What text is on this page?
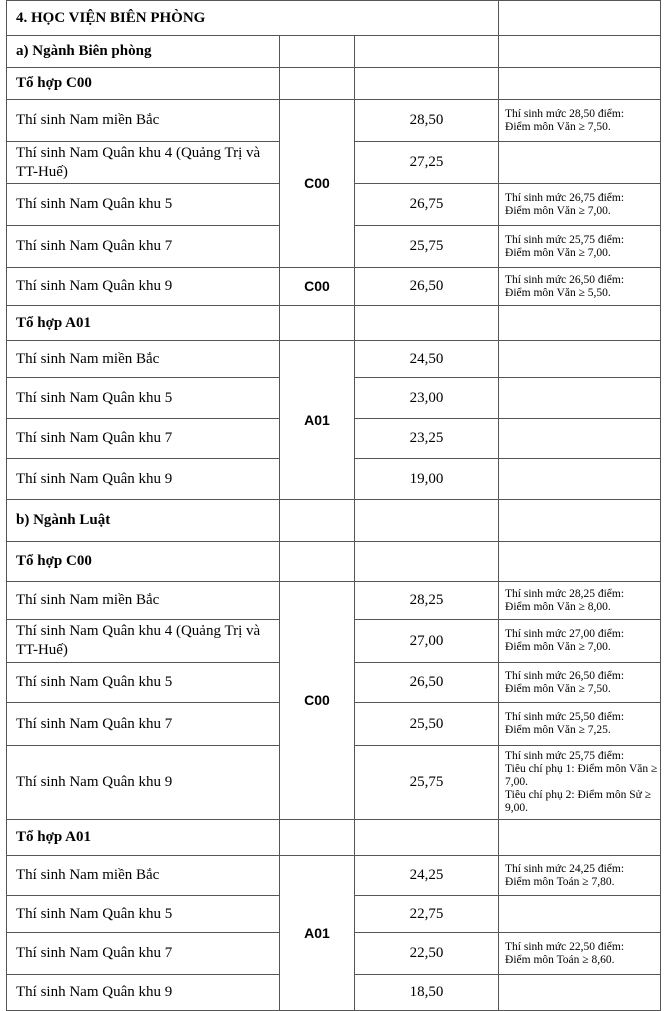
4. HỌC VIỆN BIÊN PHÒNG			
a) Ngành Biên phòng			
Tổ hợp C00			
Thí sinh Nam miền Bắc	C00	28,50	Thí sinh mức 28,50 điểm:
Điểm môn Văn ≥ 7,50.

Thí sinh Nam Quân khu 4 (Quảng Trị và TT-Huế)		27,25	
Thí sinh Nam Quân khu 5		26,75	Thí sinh mức 26,75 điểm:
Điểm môn Văn ≥ 7,00.

Thí sinh Nam Quân khu 7		25,75	Thí sinh mức 25,75 điểm:
Điểm môn Văn ≥ 7,00.

Thí sinh Nam Quân khu 9	C00	26,50	Thí sinh mức 26,50 điểm:
Điểm môn Văn ≥ 5,50.

Tổ hợp A01			
Thí sinh Nam miền Bắc	A01	24,50	
Thí sinh Nam Quân khu 5		23,00	
Thí sinh Nam Quân khu 7		23,25	
Thí sinh Nam Quân khu 9		19,00	
b) Ngành Luật			
Tổ hợp C00			
Thí sinh Nam miền Bắc	C00	28,25	Thí sinh mức 28,25 điểm:
Điểm môn Văn ≥ 8,00.

Thí sinh Nam Quân khu 4 (Quảng Trị và TT-Huế)		27,00	Thí sinh mức 27,00 điểm:
Điểm môn Văn ≥ 7,00.

Thí sinh Nam Quân khu 5		26,50	Thí sinh mức 26,50 điểm:
Điểm môn Văn ≥ 7,50.

Thí sinh Nam Quân khu 7		25,50	Thí sinh mức 25,50 điểm:
Điểm môn Văn ≥ 7,25.

Thí sinh Nam Quân khu 9		25,75	Thí sinh mức 25,75 điểm:
Tiêu chí phụ 1: Điểm môn Văn ≥ 7,00.
Tiêu chí phụ 2: Điểm môn Sử ≥ 9,00.

Tổ hợp A01			
Thí sinh Nam miền Bắc	A01	24,25	Thí sinh mức 24,25 điểm:
Điểm môn Toán ≥ 7,80.

Thí sinh Nam Quân khu 5		22,75	
Thí sinh Nam Quân khu 7		22,50	Thí sinh mức 22,50 điểm:
Điểm môn Toán ≥ 8,60.

Thí sinh Nam Quân khu 9		18,50	
